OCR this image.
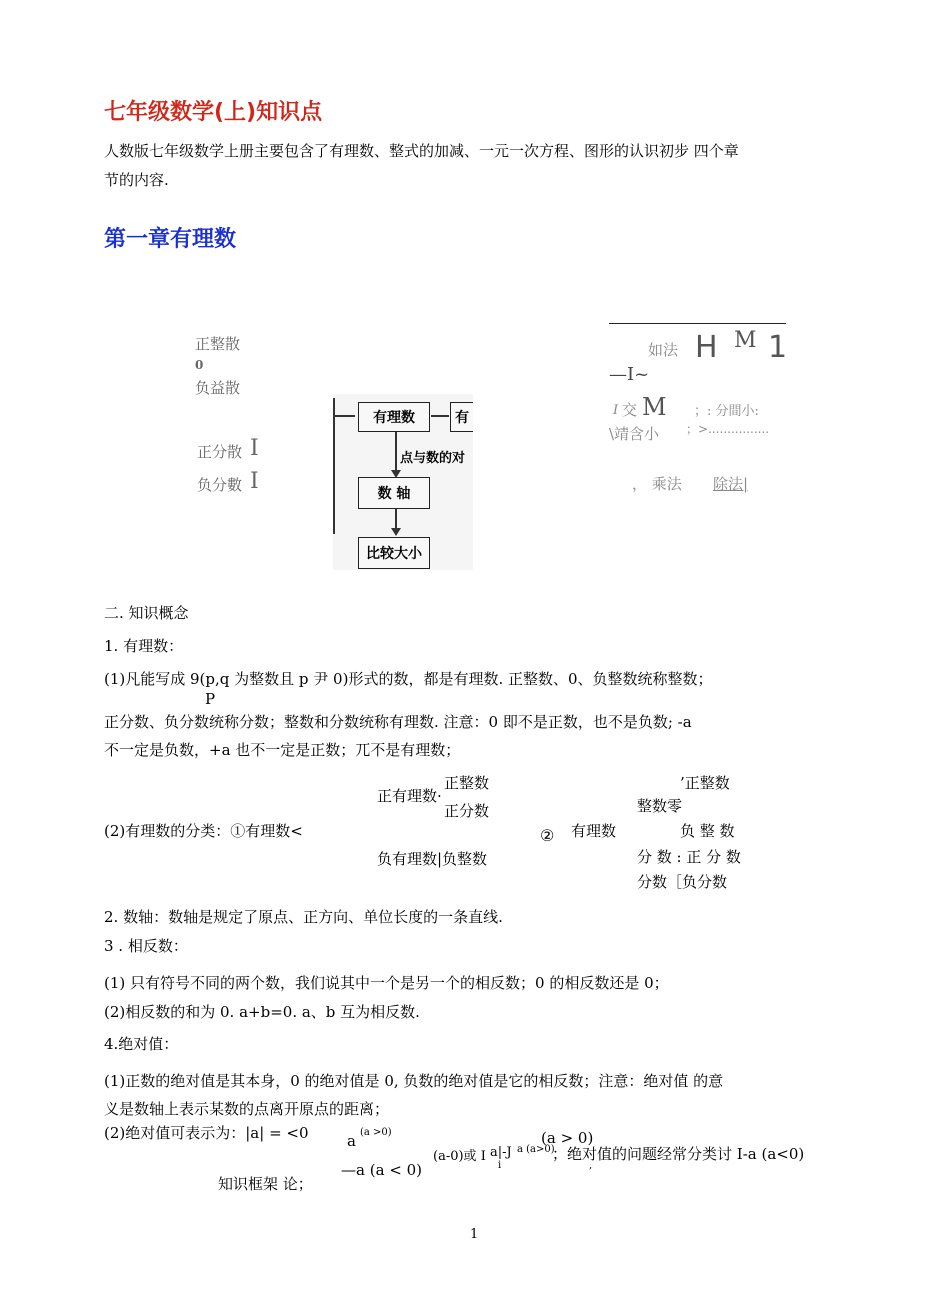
七年级数学(上)知识点
人数版七年级数学上册主要包含了有理数、整式的加减、一元一次方程、图形的认识初步 四个章
节的内容.
第一章有理数
正整散
0
负益散
正分散 I
负分數 I
有理数	有
点与数的对
数 轴
比较大小
如法 H M 1
—I~
I 交 M ；: 分間小:
\靖含小 ；>................
， 乘法 除法|
二. 知识概念
1. 有理数：
(1)凡能写成 9(p,q 为整数且 p 尹 0)形式的数，都是有理数. 正整数、0、负整数统称整数；
P
正分数、负分数统称分数；整数和分数统称有理数. 注意：0 即不是正数，也不是负数; -a
不一定是负数，+a 也不一定是正数；兀不是有理数；
(2)有理数的分类：①有理数<
正有理数·
正整数
正分数
负有理数|负整数
② 有理数
’正整数
整数零
负 整 数
分 数 : 正 分 数
分数［负分数
2. 数轴：数轴是规定了原点、正方向、单位长度的一条直线.
3 . 相反数：
(1) 只有符号不同的两个数，我们说其中一个是另一个的相反数；0 的相反数还是 0；
(2)相反数的和为 0. a+b=0. a、b 互为相反数.
4.绝对值：
(1)正数的绝对值是其本身，0 的绝对值是 0, 负数的绝对值是它的相反数；注意：绝对值 的意
义是数轴上表示某数的点离开原点的距离；
(2)绝对值可表示为：|a| = <0	a (a >0)
(a-0)或 I a|-J a (a>0)
；绝对值的问题经常分类讨 I-a (a<0)
(a > 0)
—a (a < 0)	i	,
知识框架 论；
1
